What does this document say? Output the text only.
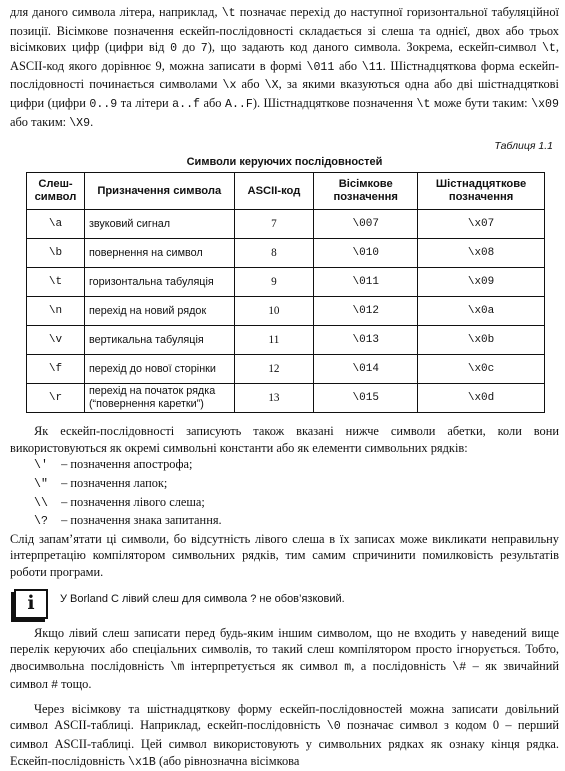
для даного символа літера, наприклад, \t позначає перехід до наступної горизонтальної табуляційної позиції. Вісімкове позначення ескейп-послідовності складається зі слеша та однієї, двох або трьох вісімкових цифр (цифри від 0 до 7), що задають код даного символа. Зокрема, ескейп-символ \t, ASCII-код якого дорівнює 9, можна записати в формі \011 або \11. Шістнадцяткова форма ескейп-послідовності починається символами \x або \X, за якими вказуються одна або дві шістнадцяткові цифри (цифри 0..9 та літери a..f або A..F). Шістнадцяткове позначення \t може бути таким: \x09 або таким: \X9.

Таблиця 1.1
Символи керуючих послідовностей
Слеш-символ	Призначення символа	ASCII-код	Вісімкове позначення	Шістнадцяткове позначення
\a	звуковий сигнал	7	\007	\x07
\b	повернення на символ	8	\010	\x08
\t	горизонтальна табуляція	9	\011	\x09
\n	перехід на новий рядок	10	\012	\x0a
\v	вертикальна табуляція	11	\013	\x0b
\f	перехід до нової сторінки	12	\014	\x0c
\r	перехід на початок рядка (“повернення каретки”)	13	\015	\x0d

Як ескейп-послідовності записують також вказані нижче символи абетки, коли вони використовуються як окремі символьні константи або як елементи символьних рядків:

\' – позначення апострофа;
\" – позначення лапок;
\\ – позначення лівого слеша;
\? – позначення знака запитання.

Слід запам’ятати ці символи, бо відсутність лівого слеша в їх записах може викликати неправильну інтерпретацію компілятором символьних рядків, тим самим спричинити помилковість результатів роботи програми.

i	У Borland C лівий слеш для символа ? не обов’язковий.

Якщо лівий слеш записати перед будь-яким іншим символом, що не входить у наведений вище перелік керуючих або спеціальних символів, то такий слеш компілятором просто ігнорується. Тобто, двосимвольна послідовність \m інтерпретується як символ m, а послідовність \# – як звичайний символ # тощо.

Через вісімкову та шістнадцяткову форму ескейп-послідовностей можна записати довільний символ ASCII-таблиці. Наприклад, ескейп-послідовність \0 позначає символ з кодом 0 – перший символ ASCII-таблиці. Цей символ використовують у символьних рядках як ознаку кінця рядка. Ескейп-послідовність \x1B (або рівнозначна вісімкова
